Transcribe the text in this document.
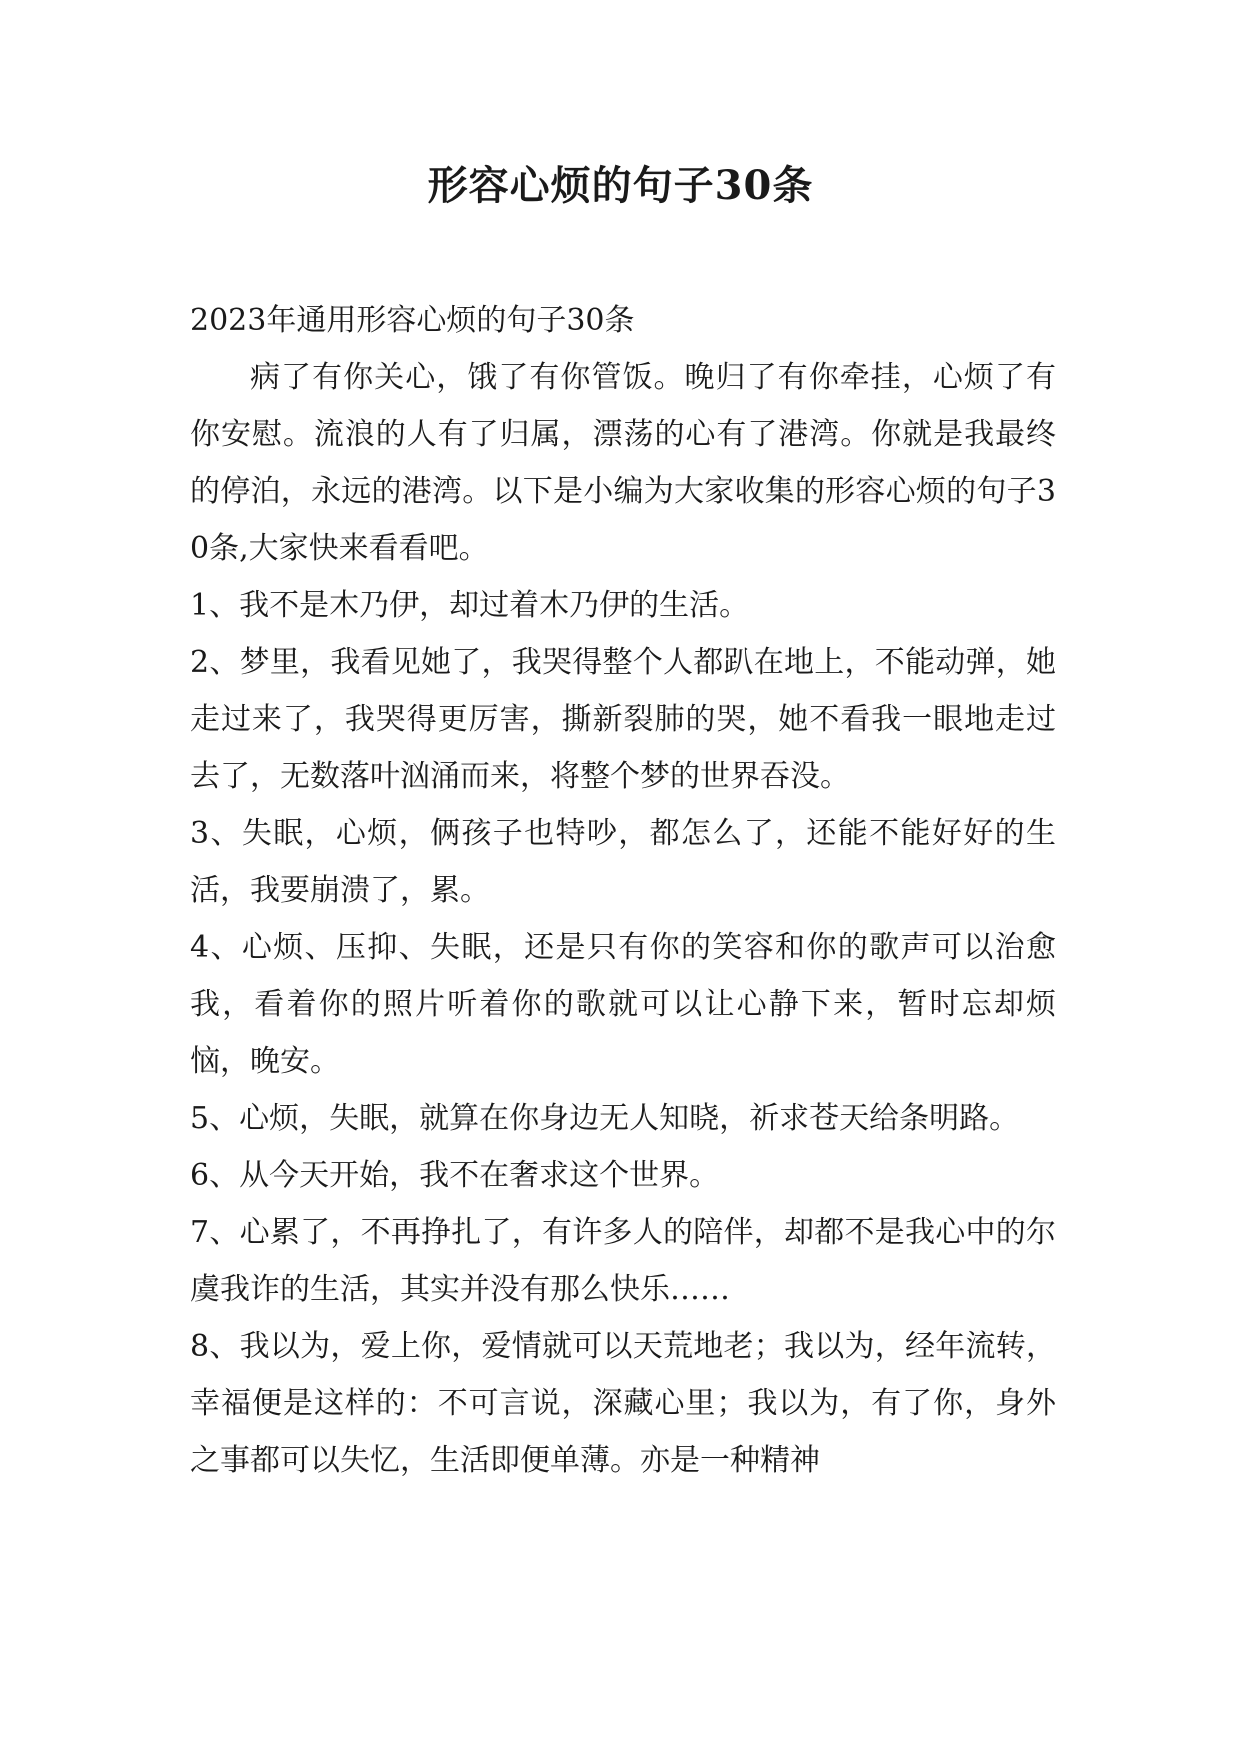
形容心烦的句子30条

2023年通用形容心烦的句子30条

病了有你关心，饿了有你管饭。晚归了有你牵挂，心烦了有你安慰。流浪的人有了归属，漂荡的心有了港湾。你就是我最终的停泊，永远的港湾。以下是小编为大家收集的形容心烦的句子30条,大家快来看看吧。

1、我不是木乃伊，却过着木乃伊的生活。

2、梦里，我看见她了，我哭得整个人都趴在地上，不能动弹，她走过来了，我哭得更厉害，撕新裂肺的哭，她不看我一眼地走过去了，无数落叶汹涌而来，将整个梦的世界吞没。

3、失眠，心烦，俩孩子也特吵，都怎么了，还能不能好好的生活，我要崩溃了，累。

4、心烦、压抑、失眠，还是只有你的笑容和你的歌声可以治愈我，看着你的照片听着你的歌就可以让心静下来，暂时忘却烦恼，晚安。

5、心烦，失眠，就算在你身边无人知晓，祈求苍天给条明路。

6、从今天开始，我不在奢求这个世界。

7、心累了，不再挣扎了，有许多人的陪伴，却都不是我心中的尔虞我诈的生活，其实并没有那么快乐……

8、我以为，爱上你，爱情就可以天荒地老；我以为，经年流转，幸福便是这样的：不可言说，深藏心里；我以为，有了你，身外之事都可以失忆，生活即便单薄。亦是一种精神
